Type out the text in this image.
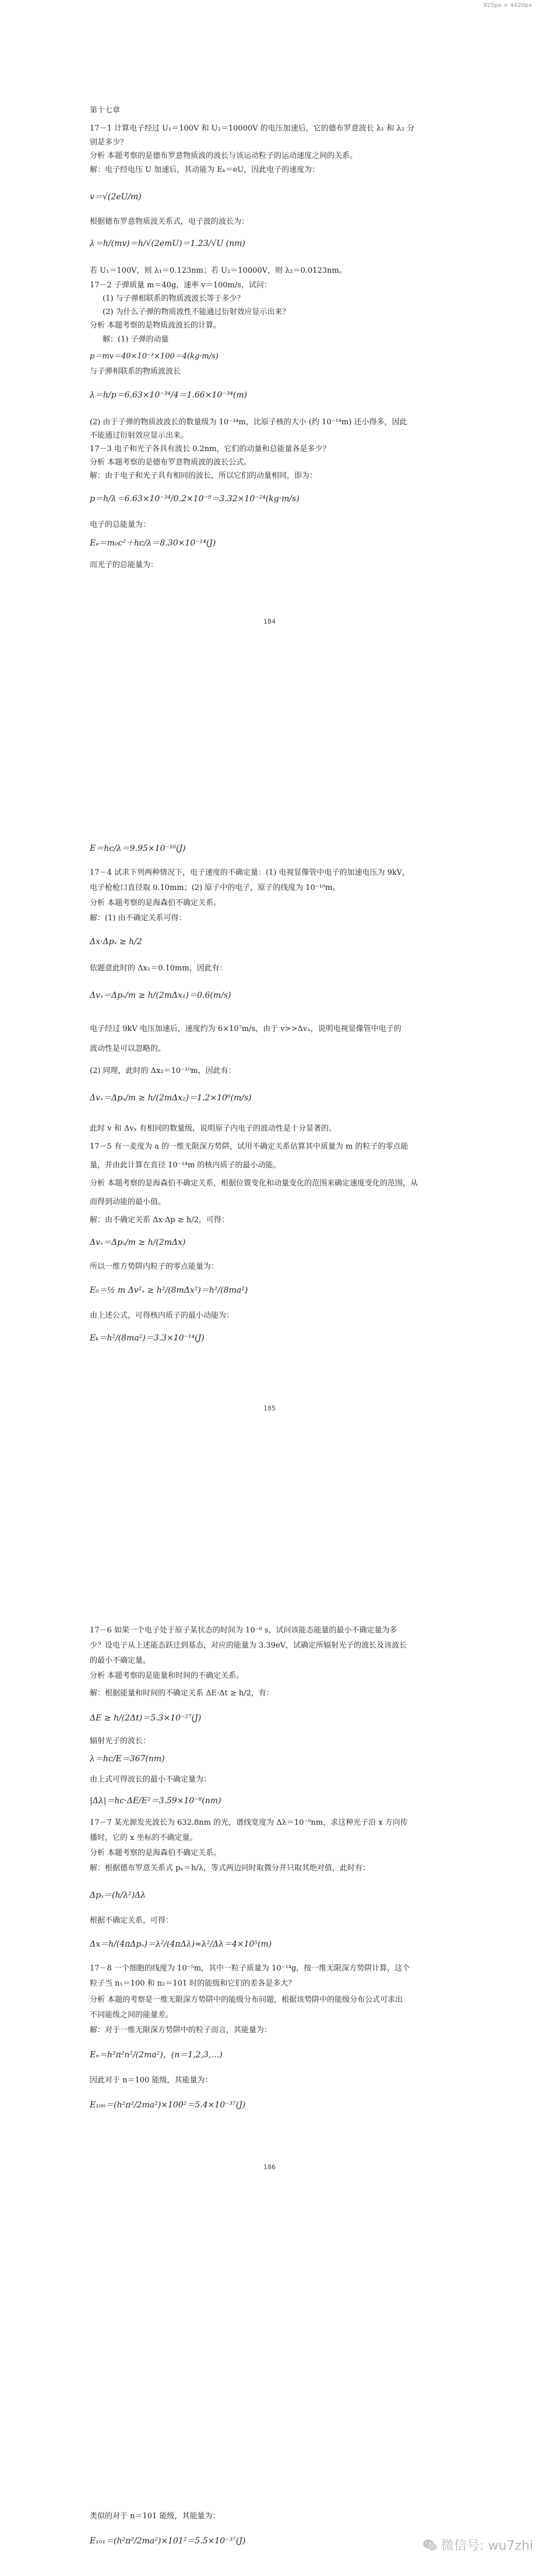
925px × 4420px
第十七章
17－1 计算电子经过 U₁＝100V 和 U₂＝10000V 的电压加速后，它的德布罗意波长 λ₁ 和 λ₂ 分
别是多少？
分析 本题考察的是德布罗意物质波的波长与该运动粒子的运动速度之间的关系。
解：电子经电压 U 加速后，其动能为 Eₖ＝eU，因此电子的速度为：
v＝√(2eU/m)
根据德布罗意物质波关系式，电子波的波长为：
λ＝h/(mv)＝h/√(2emU)＝1.23/√U (nm)
若 U₁＝100V，则 λ₁＝0.123nm；若 U₂＝10000V，则 λ₂＝0.0123nm。
17－2 子弹质量 m＝40g，速率 v＝100m/s，试问：
(1) 与子弹相联系的物质波波长等于多少？
(2) 为什么子弹的物质波性不能通过衍射效应显示出来？
分析 本题考察的是物质波波长的计算。
解：(1) 子弹的动量
p＝mv＝40×10⁻³×100＝4(kg·m/s)
与子弹相联系的物质波波长
λ＝h/p＝6.63×10⁻³⁴/4＝1.66×10⁻³⁴(m)
(2) 由于子弹的物质波波长的数量级为 10⁻³⁴m，比原子核的大小 (约 10⁻¹⁴m) 还小得多，因此
不能通过衍射效应显示出来。
17－3 电子和光子各具有波长 0.2nm，它们的动量和总能量各是多少？
分析 本题考察的是德布罗意物质波的波长公式。
解：由于电子和光子具有相同的波长，所以它们的动量相同，即为：
p＝h/λ＝6.63×10⁻³⁴/0.2×10⁻⁹＝3.32×10⁻²⁴(kg·m/s)
电子的总能量为：
Eₑ＝m₀c²＋hc/λ＝8.30×10⁻¹⁴(J)
而光子的总能量为：
184
E＝hc/λ＝9.95×10⁻¹⁶(J)
17－4 试求下列两种情况下，电子速度的不确定量：(1) 电视显像管中电子的加速电压为 9kV，
电子枪枪口直径取 0.10mm；(2) 原子中的电子，原子的线度为 10⁻¹⁰m。
分析 本题考察的是海森伯不确定关系。
解：(1) 由不确定关系可得：
Δx·Δpₓ ≥ h/2
依题意此时的 Δx₁＝0.10mm，因此有：
Δvₓ＝Δpₓ/m ≥ h/(2mΔx₁)＝0.6(m/s)
电子经过 9kV 电压加速后，速度约为 6×10⁷m/s，由于 v>>Δvₓ，说明电视显像管中电子的
波动性是可以忽略的。
(2) 同理，此时的 Δx₂＝10⁻¹⁰m，因此有：
Δvₓ＝Δpₓ/m ≥ h/(2mΔx₂)＝1.2×10⁶(m/s)
此时 v 和 Δvₓ 有相同的数量级，说明原子内电子的波动性是十分显著的。
17－5 有一麦度为 a 的一维无限深方势阱，试用不确定关系估算其中质量为 m 的粒子的零点能
量，并由此计算在直径 10⁻¹⁴m 的核内质子的最小动能。
分析 本题考察的是海森伯不确定关系，根据位置变化和动量变化的范围来确定速度变化的范围，从
而得到动能的最小值。
解：由不确定关系 Δx·Δp ≥ h/2，可得：
Δvₓ＝Δpₓ/m ≥ h/(2mΔx)
所以一维方势阱内粒子的零点能量为：
E₀＝½ m Δv²ₓ ≥ h²/(8mΔx²)＝h²/(8ma²)
由上述公式，可得核内质子的最小动能为：
Eₖ＝h²/(8ma²)＝3.3×10⁻¹⁴(J)
185
17－6 如果一个电子处于原子某状态的时间为 10⁻⁸ s，试问该能态能量的最小不确定量为多
少？设电子从上述能态跃迁到基态，对应的能量为 3.39eV，试确定所辐射光子的波长及该波长
的最小不确定量。
分析 本题考察的是能量和时间的不确定关系。
解：根据能量和时间的不确定关系 ΔE·Δt ≥ h/2，有：
ΔE ≥ h/(2Δt)＝5.3×10⁻²⁷(J)
辐射光子的波长：
λ＝hc/E＝367(nm)
由上式可得波长的最小不确定量为：
|Δλ|＝hc·ΔE/E²＝3.59×10⁻⁸(nm)
17－7 某光源发光波长为 632.8nm 的光，谱线宽度为 Δλ＝10⁻⁹nm，求这种光子沿 x 方向传
播时，它的 x 坐标的不确定量。
分析 本题考察的是海森伯不确定关系。
解：根据德布罗意关系式 pₓ＝h/λ，等式两边同时取微分并只取其绝对值，此时有：
Δpₓ＝(h/λ²)Δλ
根据不确定关系，可得：
Δx＝h/(4πΔpₓ)＝λ²/(4πΔλ)≈λ²/Δλ＝4×10⁵(m)
17－8 一个细胞的线度为 10⁻⁵m，其中一粒子质量为 10⁻¹⁴g，按一维无限深方势阱计算，这个
粒子当 n₁＝100 和 n₂＝101 时的能级和它们的差各是多大？
分析 本题的考察是一维无限深方势阱中的能级分布问题，根据该势阱中的能级分布公式可求出
不同能级之间的能量差。
解：对于一维无限深方势阱中的粒子而言，其能量为：
Eₙ＝h²π²n²/(2ma²)，(n＝1,2,3,…)
因此对于 n＝100 能级，其能量为：
E₁₀₀＝(h²π²/2ma²)×100²＝5.4×10⁻³⁷(J)
186
类似的对于 n＝101 能级，其能量为：
E₁₀₁＝(h²π²/2ma²)×101²＝5.5×10⁻³⁷(J)	微信号: wu7zhi
